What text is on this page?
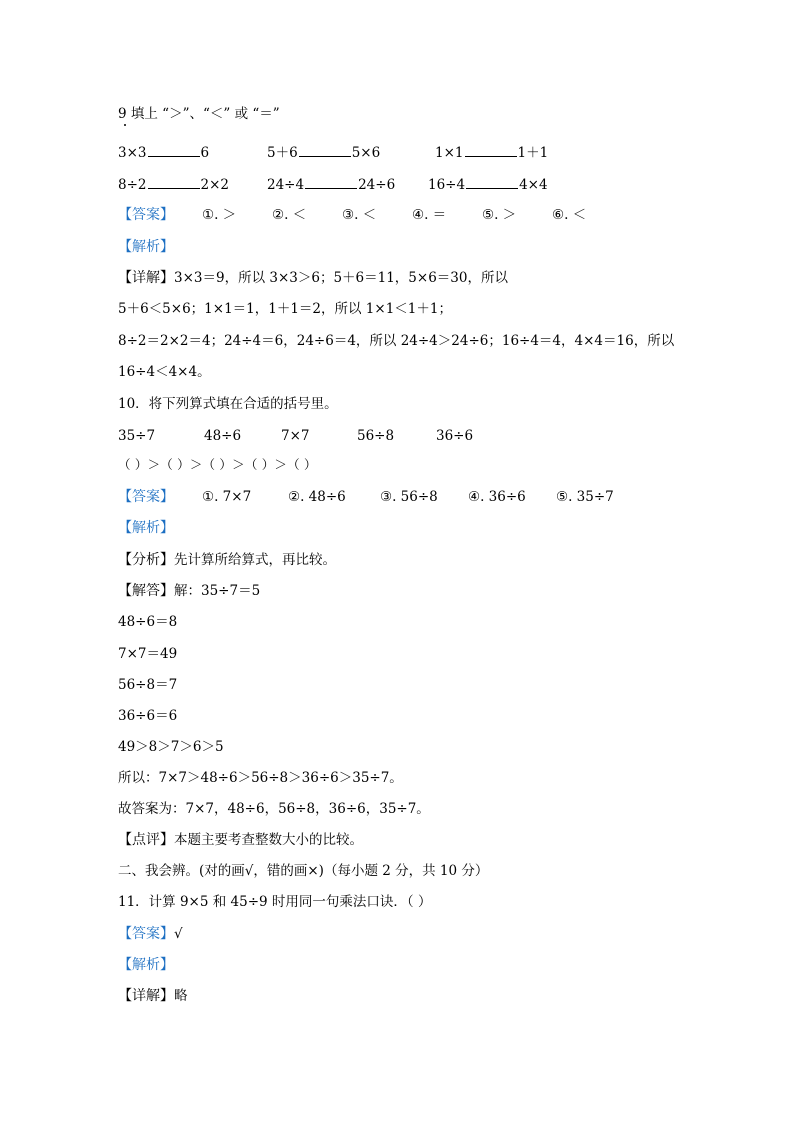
9 填上 “＞”、“＜” 或 “＝”
3×3	6	5＋6	5×6	1×1	1＋1
8÷2	2×2	24÷4	24÷6 16÷4	4×4
【答案】 ①. ＞	②. ＜	③. ＜	④. ＝	⑤. ＞	⑥. ＜
【解析】
【详解】3×3＝9，所以 3×3＞6；5＋6＝11，5×6＝30，所以
5＋6＜5×6；1×1＝1，1＋1＝2，所以 1×1＜1＋1；
8÷2＝2×2＝4；24÷4＝6，24÷6＝4，所以 24÷4＞24÷6；16÷4＝4，4×4＝16，所以
16÷4＜4×4。
10．将下列算式填在合适的括号里。
35÷7	48÷6	7×7	56÷8	36÷6
（ ）＞（ ）＞（ ）＞（ ）＞（ ）
【答案】 ①. 7×7	②. 48÷6	③. 56÷8 ④. 36÷6 ⑤. 35÷7
【解析】
【分析】先计算所给算式，再比较。
【解答】解：35÷7＝5
48÷6＝8
7×7＝49
56÷8＝7
36÷6＝6
49＞8＞7＞6＞5
所以：7×7＞48÷6＞56÷8＞36÷6＞35÷7。
故答案为：7×7，48÷6，56÷8，36÷6，35÷7。
【点评】本题主要考查整数大小的比较。
二、我会辨。(对的画√，错的画×)（每小题 2 分，共 10 分）
11．计算 9×5 和 45÷9 时用同一句乘法口诀．（ ）
【答案】√
【解析】
【详解】略
